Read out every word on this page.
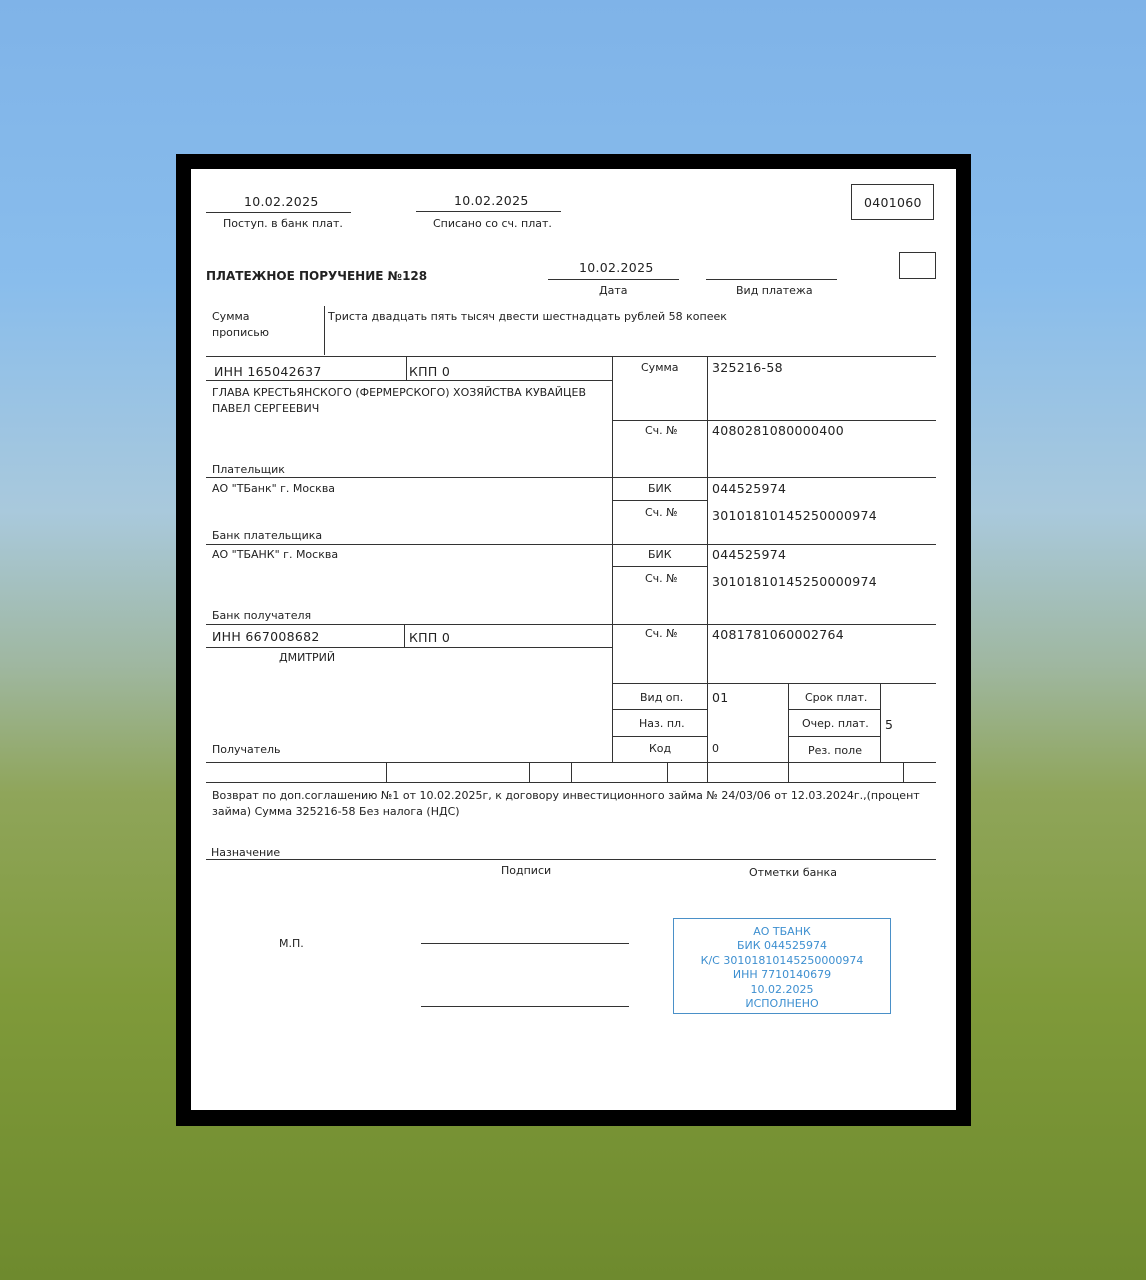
10.02.2025
Поступ. в банк плат.
10.02.2025
Списано со сч. плат.
0401060
ПЛАТЕЖНОЕ ПОРУЧЕНИЕ №128
10.02.2025
Дата	Вид платежа
Сумма
прописью
Триста двадцать пять тысяч двести шестнадцать рублей 58 копеек
ИНН 165042637	КПП 0
ГЛАВА КРЕСТЬЯНСКОГО (ФЕРМЕРСКОГО) ХОЗЯЙСТВА КУВАЙЦЕВ
ПАВЕЛ СЕРГЕЕВИЧ
Плательщик
Сумма	325216-58
Сч. №	4080281080000400
АО "ТБанк" г. Москва
Банк плательщика
БИК	044525974
Сч. №	30101810145250000974
АО "ТБАНК" г. Москва
Банк получателя
БИК	044525974
Сч. №	30101810145250000974
ИНН 667008682	КПП 0
ДМИТРИЙ
Получатель
Сч. №	4081781060002764
Вид оп. 01
Наз. пл.
Код	0
Срок плат.
Очер. плат. 5
Рез. поле
Возврат по доп.соглашению №1 от 10.02.2025г, к договору инвестиционного займа № 24/03/06 от 12.03.2024г.,(процент
займа) Сумма 325216-58 Без налога (НДС)
Назначение
Подписи	Отметки банка
М.П.
АО ТБАНК
БИК 044525974
К/С 30101810145250000974
ИНН 7710140679
10.02.2025
ИСПОЛНЕНО
